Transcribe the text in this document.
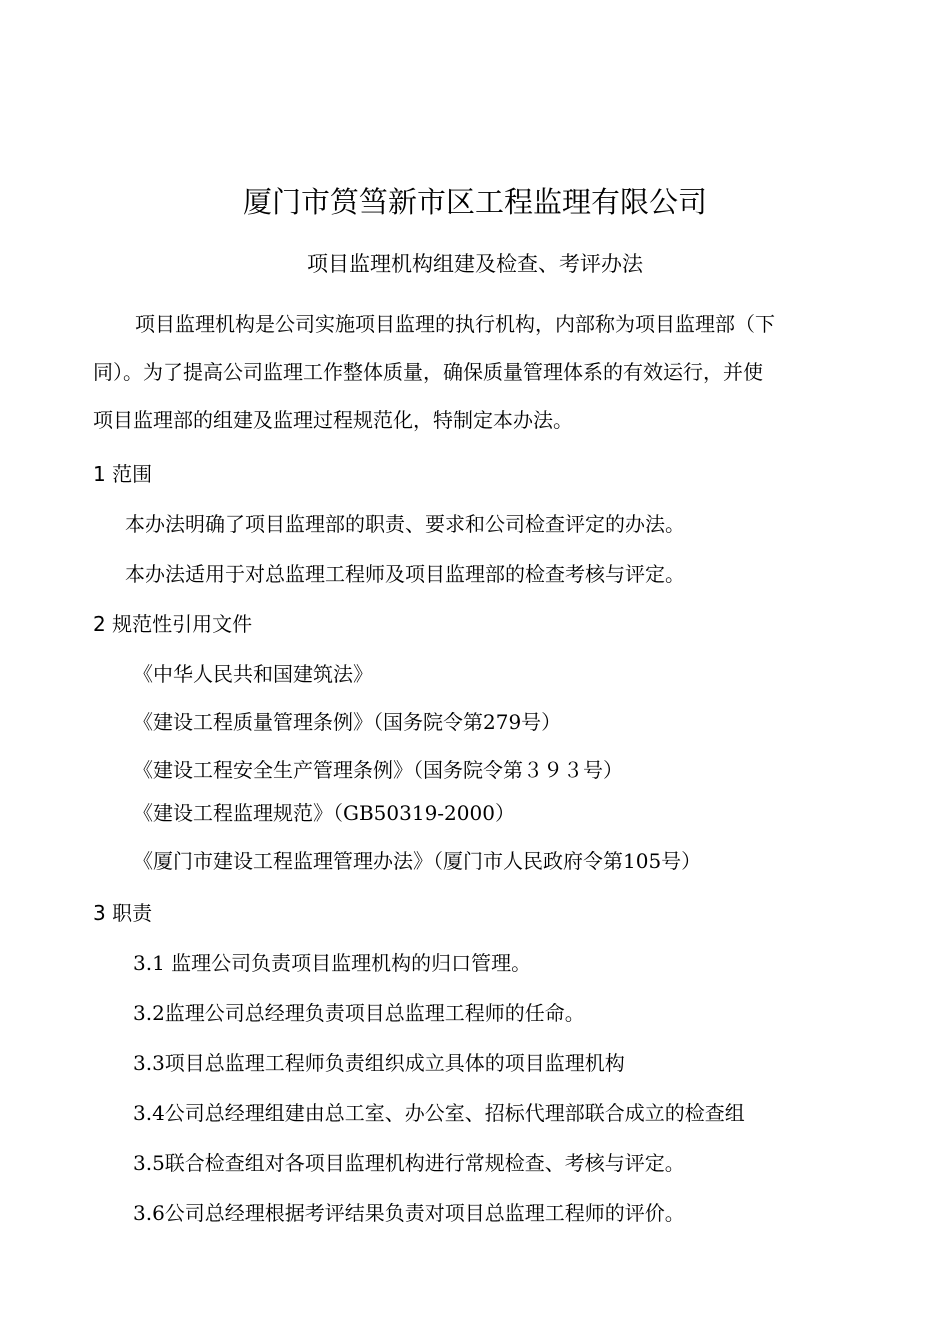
厦门市筼筜新市区工程监理有限公司
项目监理机构组建及检查、考评办法
项目监理机构是公司实施项目监理的执行机构，内部称为项目监理部（下
同）。为了提高公司监理工作整体质量，确保质量管理体系的有效运行，并使
项目监理部的组建及监理过程规范化，特制定本办法。
1 范围
本办法明确了项目监理部的职责、要求和公司检查评定的办法。
本办法适用于对总监理工程师及项目监理部的检查考核与评定。
2 规范性引用文件
《中华人民共和国建筑法》
《建设工程质量管理条例》（国务院令第279号）
《建设工程安全生产管理条例》（国务院令第３９３号）
《建设工程监理规范》（GB50319-2000）
《厦门市建设工程监理管理办法》（厦门市人民政府令第105号）
3 职责
3.1 监理公司负责项目监理机构的归口管理。
3.2监理公司总经理负责项目总监理工程师的任命。
3.3项目总监理工程师负责组织成立具体的项目监理机构
3.4公司总经理组建由总工室、办公室、招标代理部联合成立的检查组
3.5联合检查组对各项目监理机构进行常规检查、考核与评定。
3.6公司总经理根据考评结果负责对项目总监理工程师的评价。
